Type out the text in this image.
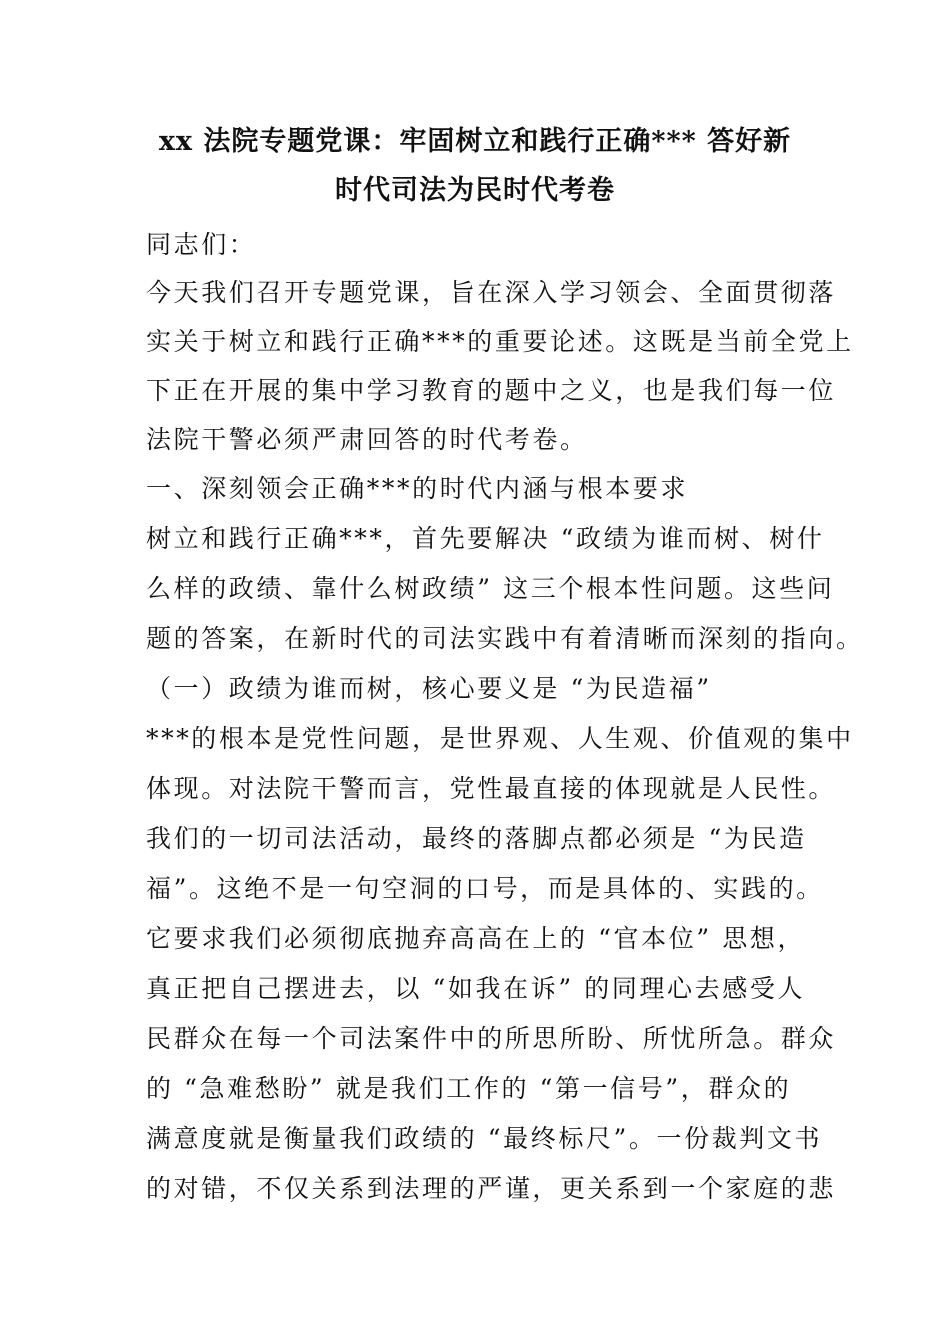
xx 法院专题党课：牢固树立和践行正确*** 答好新
时代司法为民时代考卷
同志们：
今天我们召开专题党课，旨在深入学习领会、全面贯彻落
实关于树立和践行正确***的重要论述。这既是当前全党上
下正在开展的集中学习教育的题中之义，也是我们每一位
法院干警必须严肃回答的时代考卷。
一、深刻领会正确***的时代内涵与根本要求
树立和践行正确***，首先要解决 “政绩为谁而树、树什
么样的政绩、靠什么树政绩” 这三个根本性问题。这些问
题的答案，在新时代的司法实践中有着清晰而深刻的指向。
（一）政绩为谁而树，核心要义是 “为民造福”
***的根本是党性问题，是世界观、人生观、价值观的集中
体现。对法院干警而言，党性最直接的体现就是人民性。
我们的一切司法活动，最终的落脚点都必须是 “为民造
福”。这绝不是一句空洞的口号，而是具体的、实践的。
它要求我们必须彻底抛弃高高在上的 “官本位” 思想，
真正把自己摆进去，以 “如我在诉” 的同理心去感受人
民群众在每一个司法案件中的所思所盼、所忧所急。群众
的 “急难愁盼” 就是我们工作的 “第一信号”，群众的
满意度就是衡量我们政绩的 “最终标尺”。一份裁判文书
的对错，不仅关系到法理的严谨，更关系到一个家庭的悲
